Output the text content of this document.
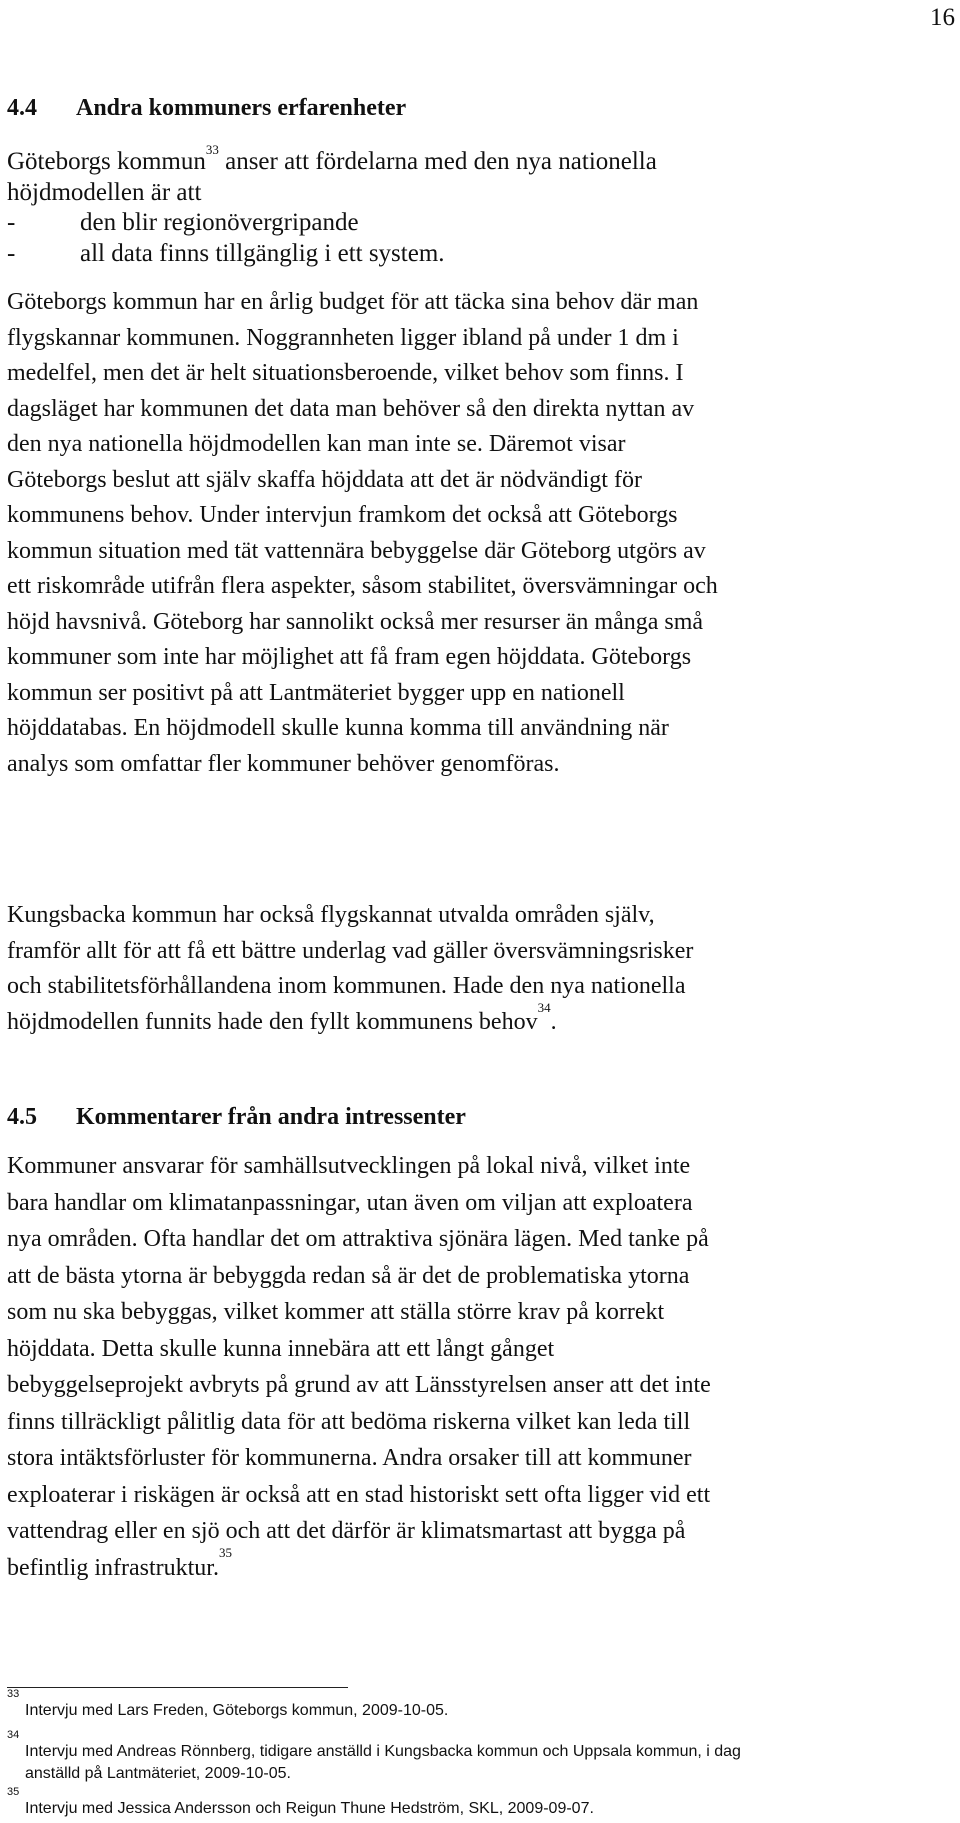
16
4.4 Andra kommuners erfarenheter
Göteborgs kommun$^{33}$ anser att fördelarna med den nya nationella
höjdmodellen är att
-	den blir regionövergripande
-	all data finns tillgänglig i ett system.
Göteborgs kommun har en årlig budget för att täcka sina behov där man
flygskannar kommunen. Noggrannheten ligger ibland på under 1 dm i
medelfel, men det är helt situationsberoende, vilket behov som finns. I
dagsläget har kommunen det data man behöver så den direkta nyttan av
den nya nationella höjdmodellen kan man inte se. Däremot visar
Göteborgs beslut att själv skaffa höjddata att det är nödvändigt för
kommunens behov. Under intervjun framkom det också att Göteborgs
kommun situation med tät vattennära bebyggelse där Göteborg utgörs av
ett riskområde utifrån flera aspekter, såsom stabilitet, översvämningar och
höjd havsnivå. Göteborg har sannolikt också mer resurser än många små
kommuner som inte har möjlighet att få fram egen höjddata. Göteborgs
kommun ser positivt på att Lantmäteriet bygger upp en nationell
höjddatabas. En höjdmodell skulle kunna komma till användning när
analys som omfattar fler kommuner behöver genomföras.
Kungsbacka kommun har också flygskannat utvalda områden själv,
framför allt för att få ett bättre underlag vad gäller översvämningsrisker
och stabilitetsförhållandena inom kommunen. Hade den nya nationella
höjdmodellen funnits hade den fyllt kommunens behov$^{34}$.
4.5 Kommentarer från andra intressenter
Kommuner ansvarar för samhällsutvecklingen på lokal nivå, vilket inte
bara handlar om klimatanpassningar, utan även om viljan att exploatera
nya områden. Ofta handlar det om attraktiva sjönära lägen. Med tanke på
att de bästa ytorna är bebyggda redan så är det de problematiska ytorna
som nu ska bebyggas, vilket kommer att ställa större krav på korrekt
höjddata. Detta skulle kunna innebära att ett långt gånget
bebyggelseprojekt avbryts på grund av att Länsstyrelsen anser att det inte
finns tillräckligt pålitlig data för att bedöma riskerna vilket kan leda till
stora intäktsförluster för kommunerna. Andra orsaker till att kommuner
exploaterar i riskägen är också att en stad historiskt sett ofta ligger vid ett
vattendrag eller en sjö och att det därför är klimatsmartast att bygga på
befintlig infrastruktur.$^{35}$
33
Intervju med Lars Freden, Göteborgs kommun, 2009-10-05.
34
Intervju med Andreas Rönnberg, tidigare anställd i Kungsbacka kommun och Uppsala kommun, i dag
anställd på Lantmäteriet, 2009-10-05.
35
Intervju med Jessica Andersson och Reigun Thune Hedström, SKL, 2009-09-07.
